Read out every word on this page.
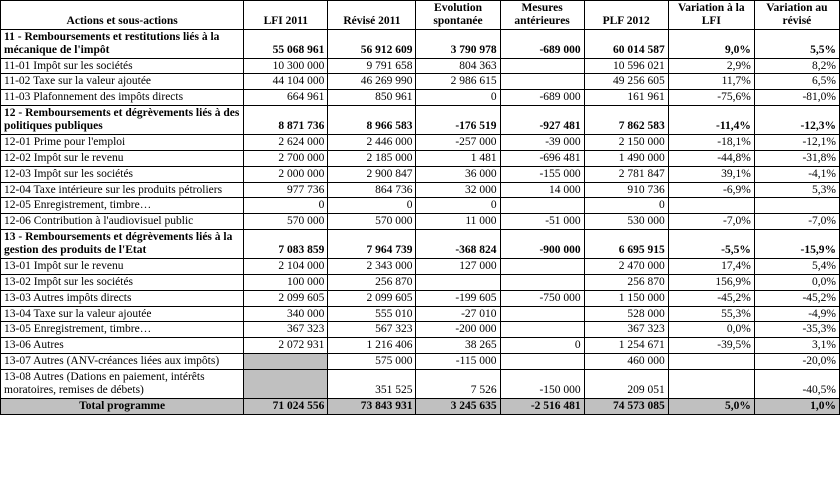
Actions et sous-actions	LFI 2011	Révisé 2011	Evolution spontanée	Mesures antérieures	PLF 2012	Variation à la LFI	Variation au révisé
11 - Remboursements et restitutions liés à la mécanique de l'impôt	55 068 961	56 912 609	3 790 978	-689 000	60 014 587	9,0%	5,5%
11-01 Impôt sur les sociétés	10 300 000	9 791 658	804 363		10 596 021	2,9%	8,2%
11-02 Taxe sur la valeur ajoutée	44 104 000	46 269 990	2 986 615		49 256 605	11,7%	6,5%
11-03 Plafonnement des impôts directs	664 961	850 961	0	-689 000	161 961	-75,6%	-81,0%
12 - Remboursements et dégrèvements liés à des politiques publiques	8 871 736	8 966 583	-176 519	-927 481	7 862 583	-11,4%	-12,3%
12-01 Prime pour l'emploi	2 624 000	2 446 000	-257 000	-39 000	2 150 000	-18,1%	-12,1%
12-02 Impôt sur le revenu	2 700 000	2 185 000	1 481	-696 481	1 490 000	-44,8%	-31,8%
12-03 Impôt sur les sociétés	2 000 000	2 900 847	36 000	-155 000	2 781 847	39,1%	-4,1%
12-04 Taxe intérieure sur les produits pétroliers	977 736	864 736	32 000	14 000	910 736	-6,9%	5,3%
12-05 Enregistrement, timbre…	0	0	0		0		
12-06 Contribution à l'audiovisuel public	570 000	570 000	11 000	-51 000	530 000	-7,0%	-7,0%
13 - Remboursements et dégrèvements liés à la gestion des produits de l'Etat	7 083 859	7 964 739	-368 824	-900 000	6 695 915	-5,5%	-15,9%
13-01 Impôt sur le revenu	2 104 000	2 343 000	127 000		2 470 000	17,4%	5,4%
13-02 Impôt sur les sociétés	100 000	256 870			256 870	156,9%	0,0%
13-03 Autres impôts directs	2 099 605	2 099 605	-199 605	-750 000	1 150 000	-45,2%	-45,2%
13-04 Taxe sur la valeur ajoutée	340 000	555 010	-27 010		528 000	55,3%	-4,9%
13-05 Enregistrement, timbre…	367 323	567 323	-200 000		367 323	0,0%	-35,3%
13-06 Autres	2 072 931	1 216 406	38 265	0	1 254 671	-39,5%	3,1%
13-07 Autres (ANV-créances liées aux impôts)		575 000	-115 000		460 000		-20,0%
13-08 Autres (Dations en paiement, intérêts moratoires, remises de débets)		351 525	7 526	-150 000	209 051		-40,5%
Total programme	71 024 556	73 843 931	3 245 635	-2 516 481	74 573 085	5,0%	1,0%
